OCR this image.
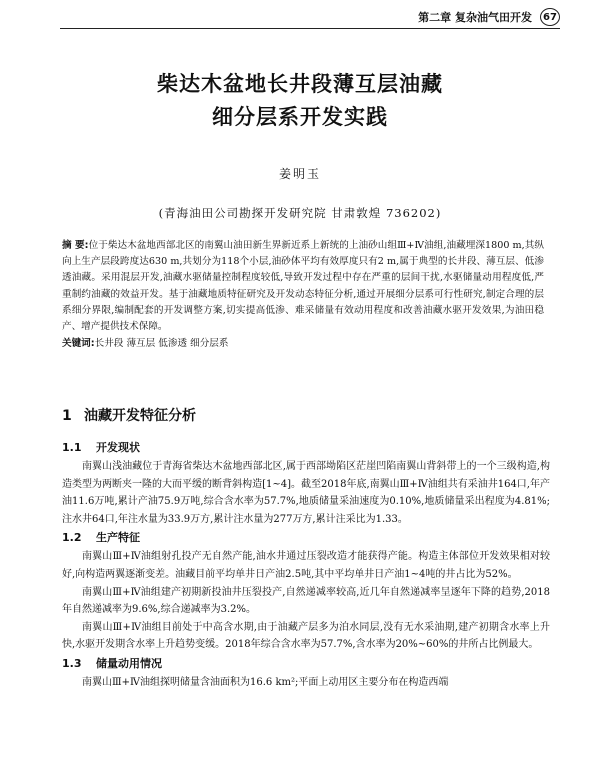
第二章 复杂油气田开发	67
柴达木盆地长井段薄互层油藏
细分层系开发实践
姜明玉
(青海油田公司勘探开发研究院 甘肃敦煌 736202)
摘 要:位于柴达木盆地西部北区的南翼山油田新生界新近系上新统的上油砂山组Ⅲ+Ⅳ油组,油藏埋深1800 m,其纵向上生产层段跨度达630 m,共划分为118个小层,油砂体平均有效厚度只有2 m,属于典型的长井段、薄互层、低渗透油藏。采用混层开发,油藏水驱储量控制程度较低,导致开发过程中存在严重的层间干扰,水驱储量动用程度低,严重制约油藏的效益开发。基于油藏地质特征研究及开发动态特征分析,通过开展细分层系可行性研究,制定合理的层系细分界限,编制配套的开发调整方案,切实提高低渗、难采储量有效动用程度和改善油藏水驱开发效果,为油田稳产、增产提供技术保障。
关键词:长井段 薄互层 低渗透 细分层系
1 油藏开发特征分析
1.1 开发现状

南翼山浅油藏位于青海省柴达木盆地西部北区,属于西部坳陷区茫崖凹陷南翼山背斜带上的一个三级构造,构造类型为两断夹一隆的大而平缓的断背斜构造[1~4]。截至2018年底,南翼山Ⅲ+Ⅳ油组共有采油井164口,年产油11.6万吨,累计产油75.9万吨,综合含水率为57.7%,地质储量采油速度为0.10%,地质储量采出程度为4.81%;注水井64口,年注水量为33.9万方,累计注水量为277万方,累计注采比为1.33。

1.2 生产特征

南翼山Ⅲ+Ⅳ油组射孔投产无自然产能,油水井通过压裂改造才能获得产能。构造主体部位开发效果相对较好,向构造两翼逐渐变差。油藏目前平均单井日产油2.5吨,其中平均单井日产油1~4吨的井占比为52%。

南翼山Ⅲ+Ⅳ油组建产初期新投油井压裂投产,自然递减率较高,近几年自然递减率呈逐年下降的趋势,2018年自然递减率为9.6%,综合递减率为3.2%。

南翼山Ⅲ+Ⅳ油组目前处于中高含水期,由于油藏产层多为泊水同层,没有无水采油期,建产初期含水率上升快,水驱开发期含水率上升趋势变缓。2018年综合含水率为57.7%,含水率为20%~60%的井所占比例最大。

1.3 储量动用情况

南翼山Ⅲ+Ⅳ油组探明储量含油面积为16.6 km²;平面上动用区主要分布在构造西端
